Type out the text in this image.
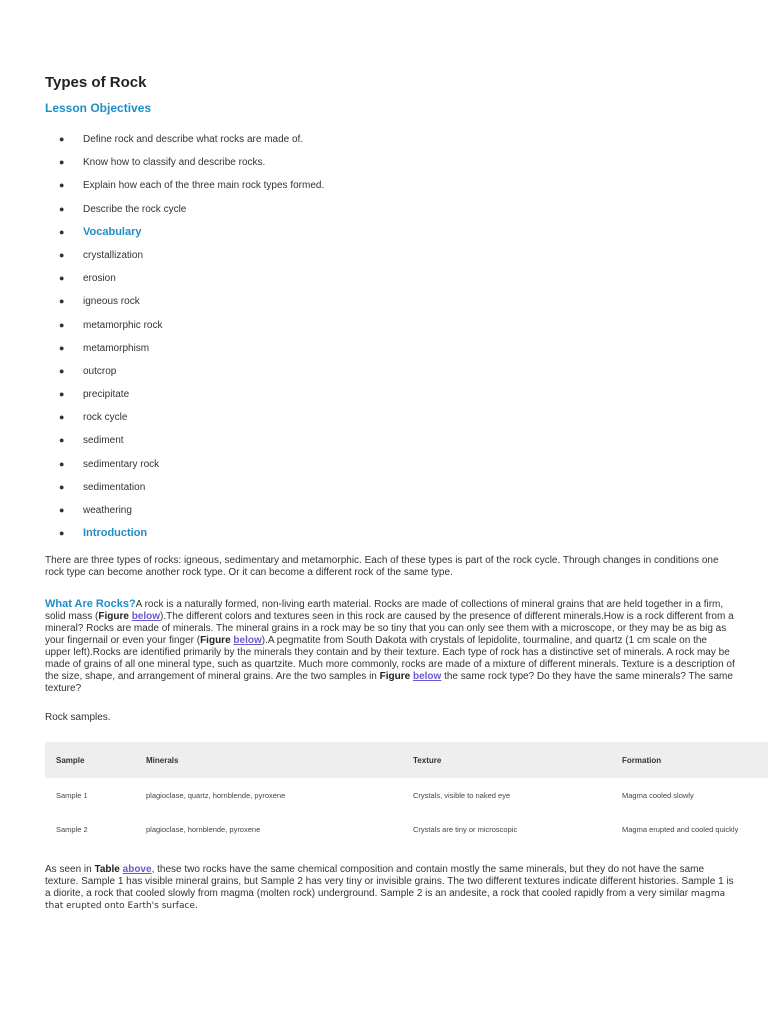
Types of Rock
Lesson Objectives
● Define rock and describe what rocks are made of.
● Know how to classify and describe rocks.
● Explain how each of the three main rock types formed.
● Describe the rock cycle
● Vocabulary
● crystallization
● erosion
● igneous rock
● metamorphic rock
● metamorphism
● outcrop
● precipitate
● rock cycle
● sediment
● sedimentary rock
● sedimentation
● weathering
● Introduction

There are three types of rocks: igneous, sedimentary and metamorphic. Each of these types is part of the rock cycle. Through changes in conditions one rock type can become another rock type. Or it can become a different rock of the same type.

What Are Rocks?A rock is a naturally formed, non-living earth material. Rocks are made of collections of mineral grains that are held together in a firm, solid mass (Figure below).The different colors and textures seen in this rock are caused by the presence of different minerals.How is a rock different from a mineral? Rocks are made of minerals. The mineral grains in a rock may be so tiny that you can only see them with a microscope, or they may be as big as your fingernail or even your finger (Figure below).A pegmatite from South Dakota with crystals of lepidolite, tourmaline, and quartz (1 cm scale on the upper left).Rocks are identified primarily by the minerals they contain and by their texture. Each type of rock has a distinctive set of minerals. A rock may be made of grains of all one mineral type, such as quartzite. Much more commonly, rocks are made of a mixture of different minerals. Texture is a description of the size, shape, and arrangement of mineral grains. Are the two samples in Figure below the same rock type? Do they have the same minerals? The same texture?

Rock samples.

Sample	Minerals	Texture	Formation
Sample 1	plagioclase, quartz, hornblende, pyroxene	Crystals, visible to naked eye	Magma cooled slowly
Sample 2	plagioclase, hornblende, pyroxene	Crystals are tiny or microscopic	Magma erupted and cooled quickly

As seen in Table above, these two rocks have the same chemical composition and contain mostly the same minerals, but they do not have the same texture. Sample 1 has visible mineral grains, but Sample 2 has very tiny or invisible grains. The two different textures indicate different histories. Sample 1 is a diorite, a rock that cooled slowly from magma (molten rock) underground. Sample 2 is an andesite, a rock that cooled rapidly from a very similar magma that erupted onto Earth's surface.
